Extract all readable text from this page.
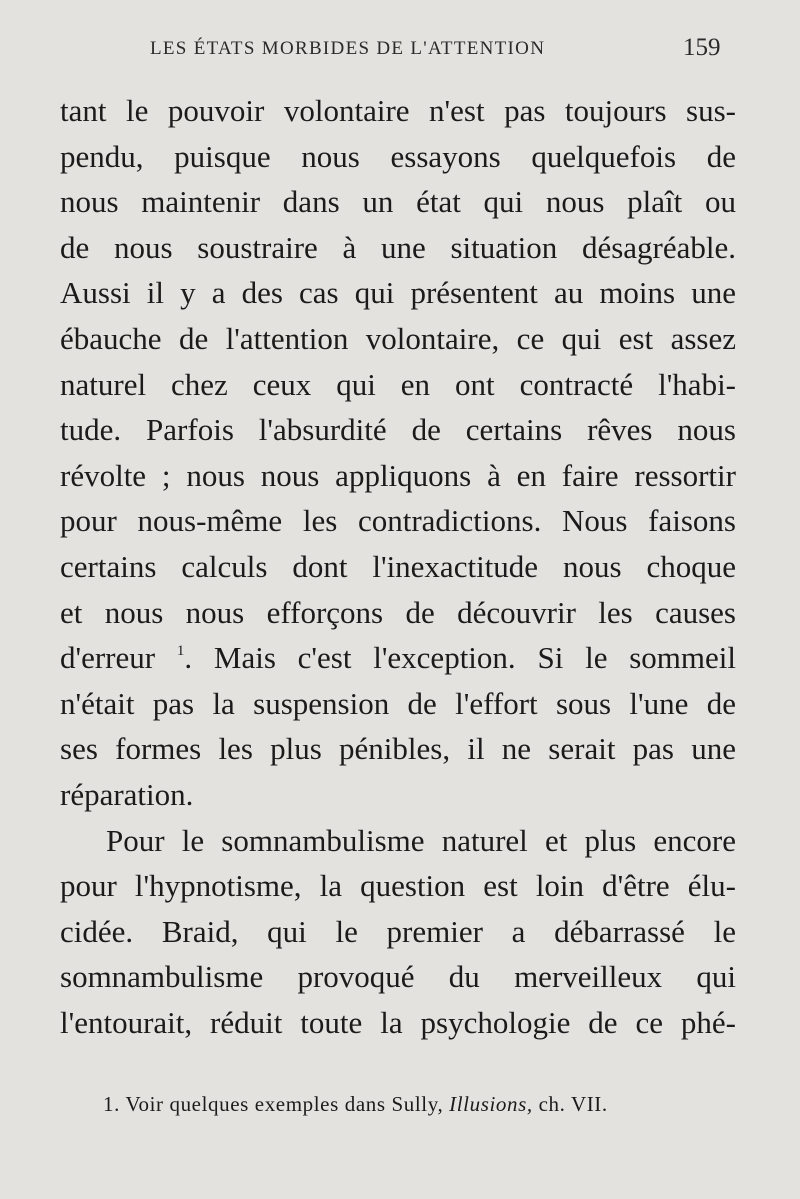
LES ÉTATS MORBIDES DE L'ATTENTION	159
tant le pouvoir volontaire n'est pas toujours sus-
pendu, puisque nous essayons quelquefois de
nous maintenir dans un état qui nous plaît ou
de nous soustraire à une situation désagréable.
Aussi il y a des cas qui présentent au moins une
ébauche de l'attention volontaire, ce qui est assez
naturel chez ceux qui en ont contracté l'habi-
tude. Parfois l'absurdité de certains rêves nous
révolte ; nous nous appliquons à en faire ressortir
pour nous-même les contradictions. Nous faisons
certains calculs dont l'inexactitude nous choque
et nous nous efforçons de découvrir les causes
d'erreur $^1$. Mais c'est l'exception. Si le sommeil
n'était pas la suspension de l'effort sous l'une de
ses formes les plus pénibles, il ne serait pas une
réparation.
Pour le somnambulisme naturel et plus encore
pour l'hypnotisme, la question est loin d'être élu-
cidée. Braid, qui le premier a débarrassé le
somnambulisme provoqué du merveilleux qui
l'entourait, réduit toute la psychologie de ce phé-
1. Voir quelques exemples dans Sully, Illusions, ch. VII.
